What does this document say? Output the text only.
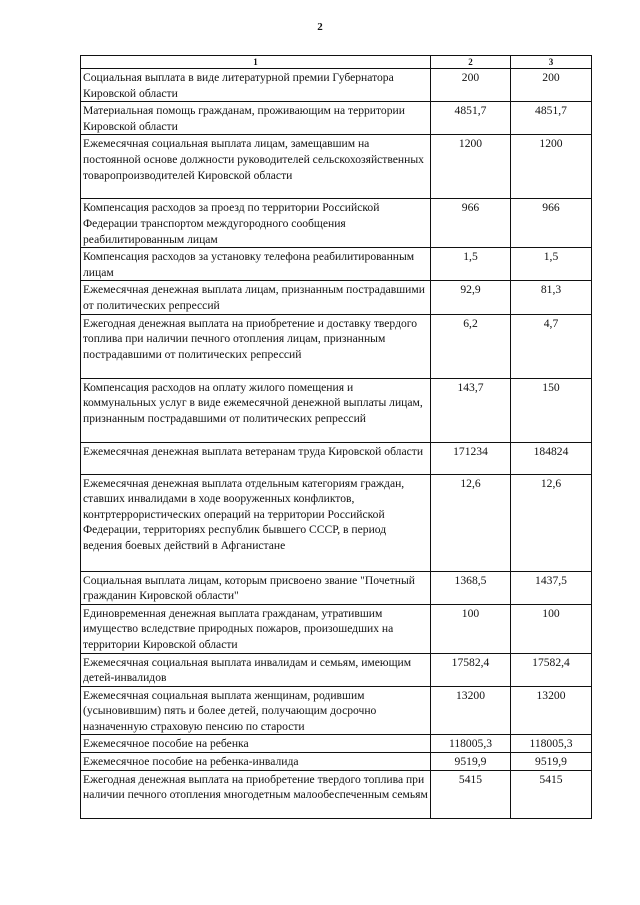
2
1	2	3
Социальная выплата в виде литературной премии Губернатора Кировской области	200	200
Материальная помощь гражданам, проживающим на территории Кировской области	4851,7	4851,7
Ежемесячная социальная выплата лицам, замещавшим на постоянной основе должности руководителей сельскохозяйственных товаропроизводителей Кировской области	1200	1200
Компенсация расходов за проезд по территории Российской Федерации транспортом междугородного сообщения реабилитированным лицам	966	966
Компенсация расходов за установку телефона реабилитированным лицам	1,5	1,5
Ежемесячная денежная выплата лицам, признанным пострадавшими от политических репрессий	92,9	81,3
Ежегодная денежная выплата на приобретение и доставку твердого топлива при наличии печного отопления лицам, признанным пострадавшими от политических репрессий	6,2	4,7
Компенсация расходов на оплату жилого помещения и коммунальных услуг в виде ежемесячной денежной выплаты лицам, признанным пострадавшими от политических репрессий	143,7	150
Ежемесячная денежная выплата ветеранам труда Кировской области	171234	184824
Ежемесячная денежная выплата отдельным категориям граждан, ставших инвалидами в ходе вооруженных конфликтов, контртеррористических операций на территории Российской Федерации, территориях республик бывшего СССР, в период ведения боевых действий в Афганистане	12,6	12,6
Социальная выплата лицам, которым присвоено звание "Почетный гражданин Кировской области"	1368,5	1437,5
Единовременная денежная выплата гражданам, утратившим имущество вследствие природных пожаров, произошедших на территории Кировской области	100	100
Ежемесячная социальная выплата инвалидам и семьям, имеющим детей-инвалидов	17582,4	17582,4
Ежемесячная социальная выплата женщинам, родившим (усыновившим) пять и более детей, получающим досрочно назначенную страховую пенсию по старости	13200	13200
Ежемесячное пособие на ребенка	118005,3	118005,3
Ежемесячное пособие на ребенка-инвалида	9519,9	9519,9
Ежегодная денежная выплата на приобретение твердого топлива при наличии печного отопления многодетным малообеспеченным семьям	5415	5415
